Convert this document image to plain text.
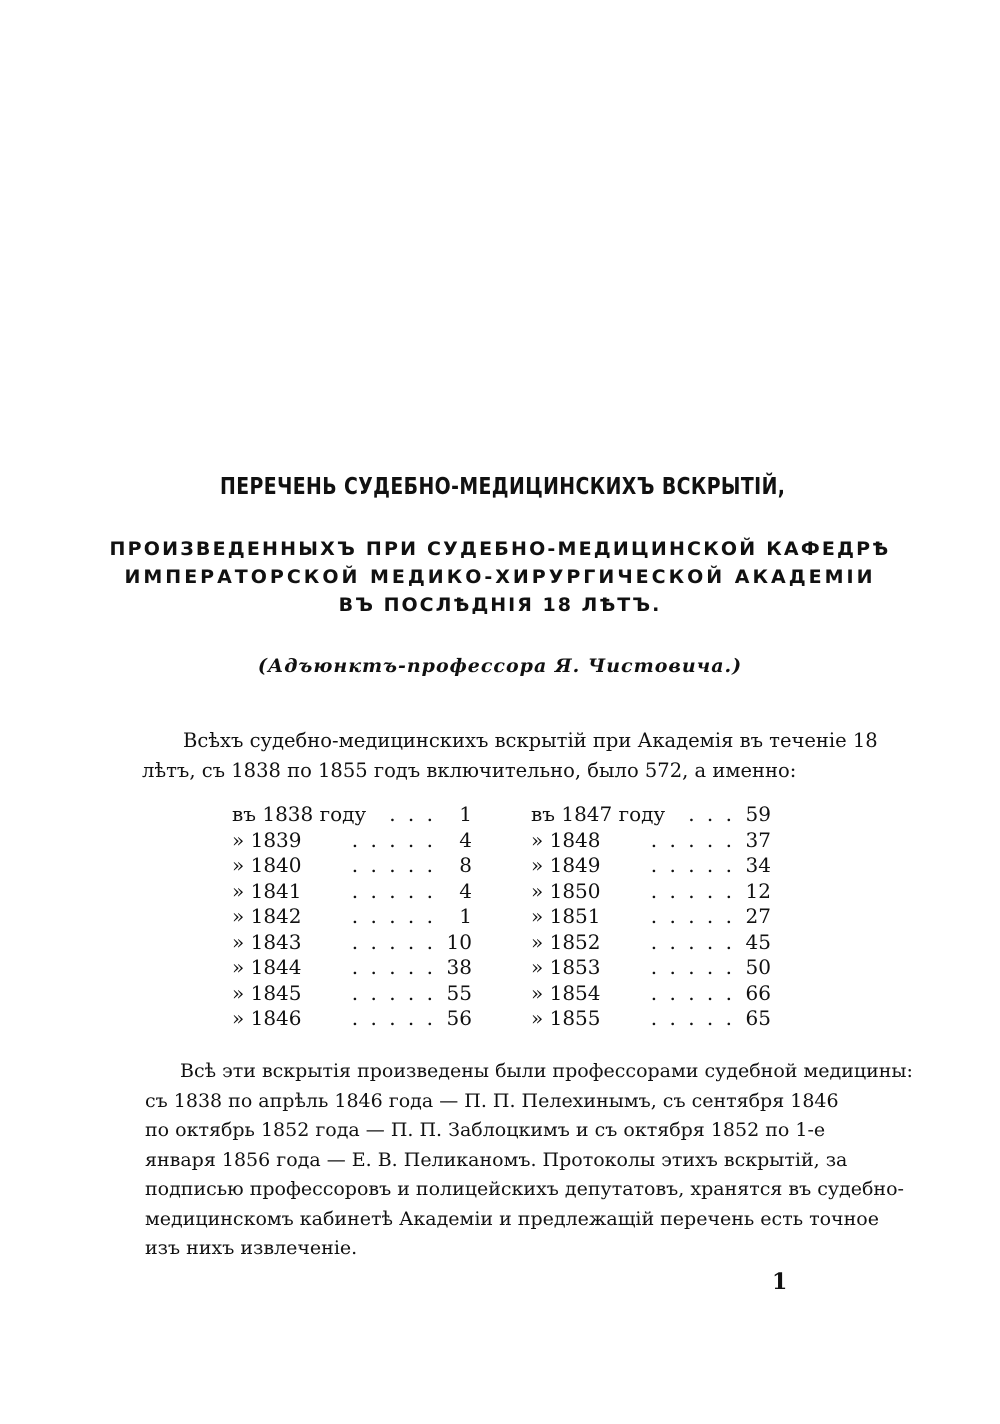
ПЕРЕЧЕНЬ СУДЕБНО-МЕДИЦИНСКИХЪ ВСКРЫТІЙ,
ПРОИЗВЕДЕННЫХЪ ПРИ СУДЕБНО-МЕДИЦИНСКОЙ КАФЕДРѢ
ИМПЕРАТОРСКОЙ МЕДИКО-ХИРУРГИЧЕСКОЙ АКАДЕМІИ
ВЪ ПОСЛѢДНІЯ 18 ЛѢТЪ.
(Адъюнктъ-профессора Я. Чистовича.)
Всѣхъ судебно-медицинскихъ вскрытій при Академія въ теченіе 18
лѣтъ, съ 1838 по 1855 годъ включительно, было 572, а именно:
въ 1838 году . . . 1
» 1839	. . . . . 4
» 1840	. . . . . 8
» 1841	. . . . . 4
» 1842	. . . . . 1
» 1843	. . . . . 10
» 1844	. . . . . 38
» 1845	. . . . . 55
» 1846	. . . . . 56
въ 1847 году . . . 59
» 1848	. . . . . 37
» 1849	. . . . . 34
» 1850	. . . . . 12
» 1851	. . . . . 27
» 1852	. . . . . 45
» 1853	. . . . . 50
» 1854	. . . . . 66
» 1855	. . . . . 65
Всѣ эти вскрытія произведены были профессорами судебной медицины:
съ 1838 по апрѣль 1846 года — П. П. Пелехинымъ, съ сентября 1846
по октябрь 1852 года — П. П. Заблоцкимъ и съ октября 1852 по 1-е
января 1856 года — Е. В. Пеликаномъ. Протоколы этихъ вскрытій, за
подписью профессоровъ и полицейскихъ депутатовъ, хранятся въ судебно-
медицинскомъ кабинетѣ Академіи и предлежащій перечень есть точное
изъ нихъ извлеченіе.
1
